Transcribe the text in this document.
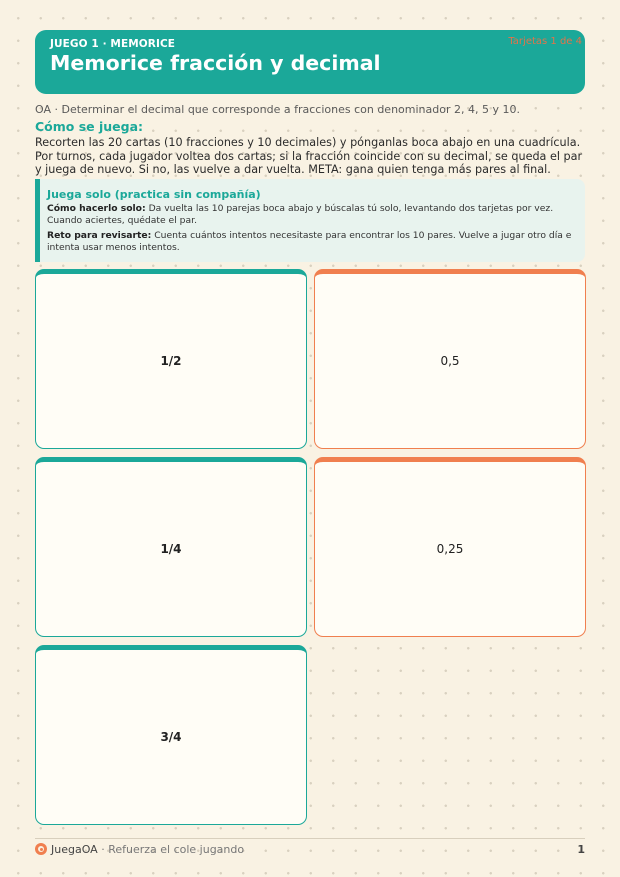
JUEGO 1 · MEMORICE
Memorice fracción y decimal
Tarjetas 1 de 4
OA · Determinar el decimal que corresponde a fracciones con denominador 2, 4, 5 y 10.
Cómo se juega:
Recorten las 20 cartas (10 fracciones y 10 decimales) y pónganlas boca abajo en una cuadrícula. Por turnos, cada jugador voltea dos cartas; si la fracción coincide con su decimal, se queda el par y juega de nuevo. Si no, las vuelve a dar vuelta. META: gana quien tenga más pares al final.
Juega solo (practica sin compañía)
Cómo hacerlo solo: Da vuelta las 10 parejas boca abajo y búscalas tú solo, levantando dos tarjetas por vez. Cuando aciertes, quédate el par.
Reto para revisarte: Cuenta cuántos intentos necesitaste para encontrar los 10 pares. Vuelve a jugar otro día e intenta usar menos intentos.
1/2	0,5
1/4	0,25
3/4
JuegaOA · Refuerza el cole jugando	1
